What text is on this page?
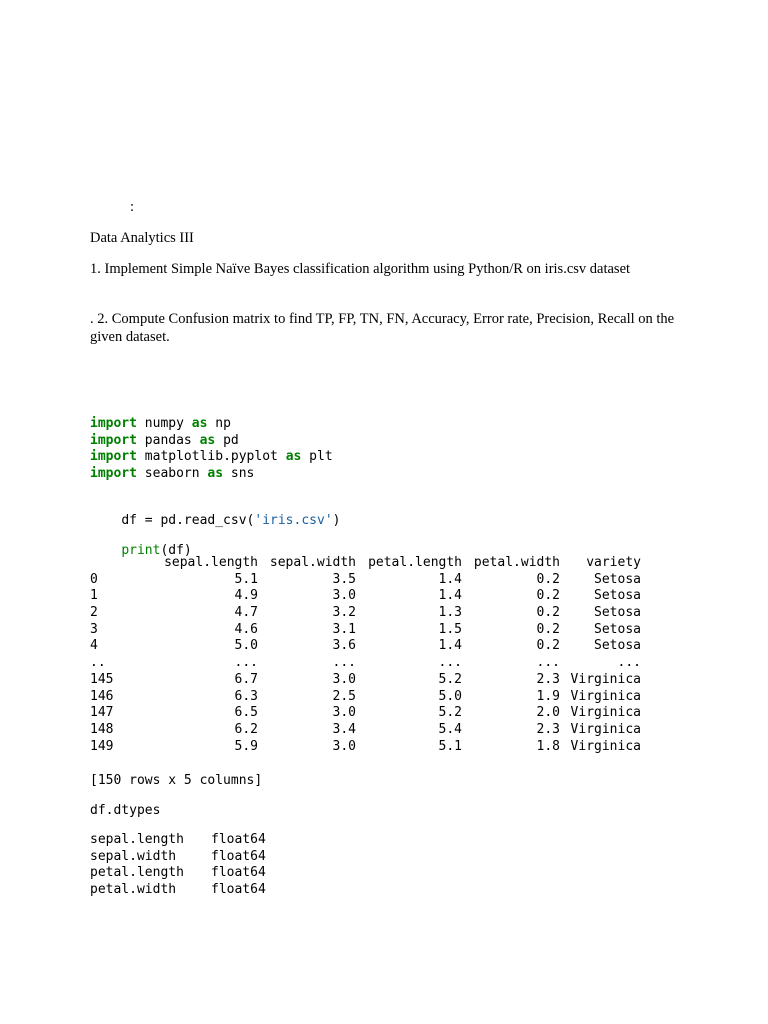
:
Data Analytics III
1. Implement Simple Naïve Bayes classification algorithm using Python/R on iris.csv dataset
. 2. Compute Confusion matrix to find TP, FP, TN, FN, Accuracy, Error rate, Precision, Recall on the given dataset.
import numpy as np
import pandas as pd
import matplotlib.pyplot as plt
import seaborn as sns

df = pd.read_csv('iris.csv')

print(df)

sepal.length sepal.width petal.length petal.width	variety
0	5.1	3.5	1.4	0.2	Setosa
1	4.9	3.0	1.4	0.2	Setosa
2	4.7	3.2	1.3	0.2	Setosa
3	4.6	3.1	1.5	0.2	Setosa
4	5.0	3.6	1.4	0.2	Setosa
..	...	...	...	...	...
145	6.7	3.0	5.2	2.3 Virginica
146	6.3	2.5	5.0	1.9 Virginica
147	6.5	3.0	5.2	2.0 Virginica
148	6.2	3.4	5.4	2.3 Virginica
149	5.9	3.0	5.1	1.8 Virginica
[150 rows x 5 columns]
df.dtypes
sepal.length	float64
sepal.width	float64
petal.length	float64
petal.width	float64
